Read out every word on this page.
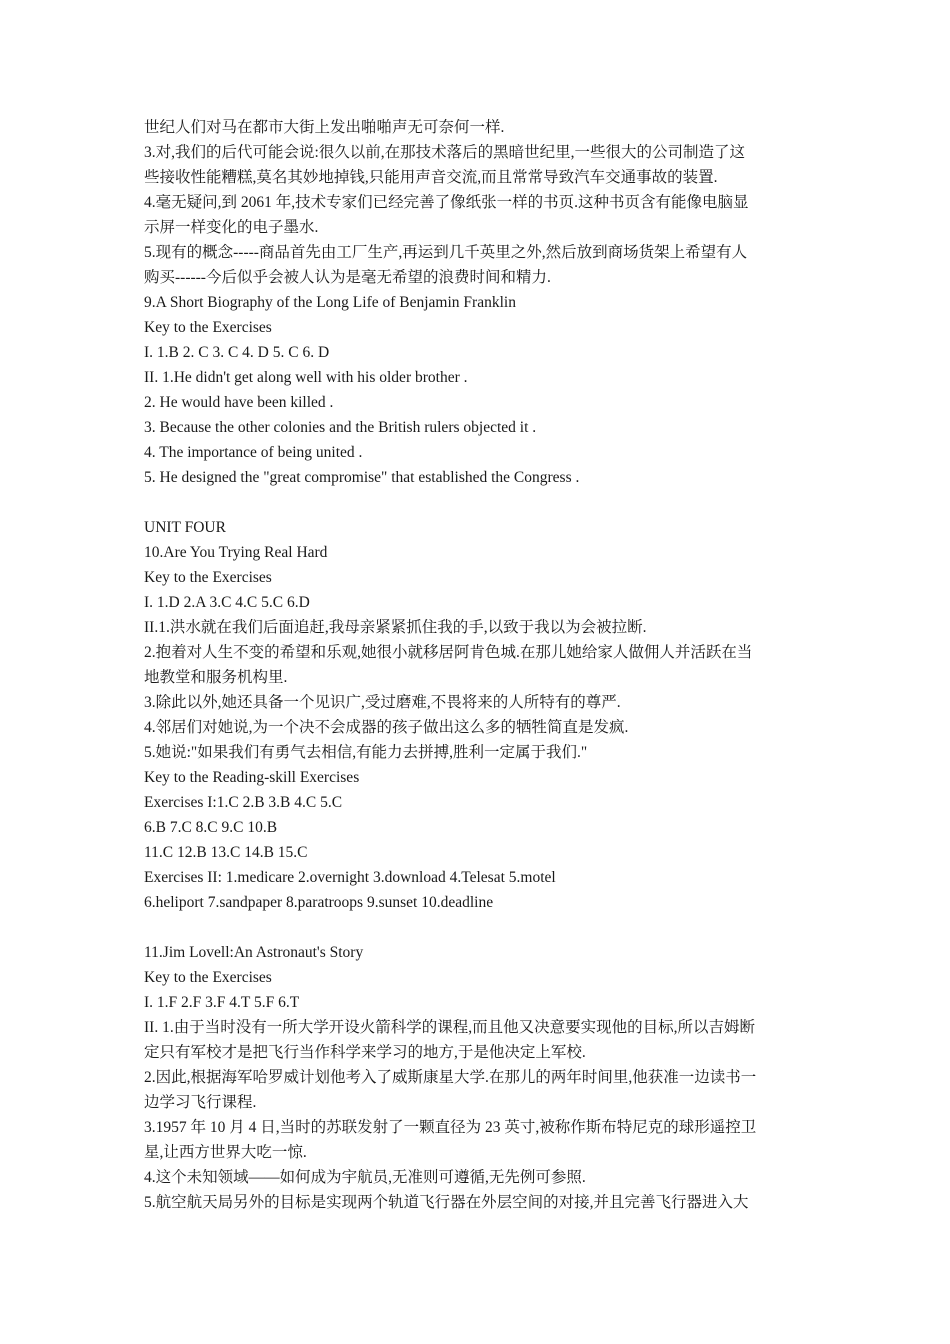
世纪人们对马在都市大街上发出啪啪声无可奈何一样.
3.对,我们的后代可能会说:很久以前,在那技术落后的黑暗世纪里,一些很大的公司制造了这
些接收性能糟糕,莫名其妙地掉钱,只能用声音交流,而且常常导致汽车交通事故的装置.
4.毫无疑问,到 2061 年,技术专家们已经完善了像纸张一样的书页.这种书页含有能像电脑显
示屏一样变化的电子墨水.
5.现有的概念-----商品首先由工厂生产,再运到几千英里之外,然后放到商场货架上希望有人
购买------今后似乎会被人认为是毫无希望的浪费时间和精力.
9.A Short Biography of the Long Life of Benjamin Franklin
Key to the Exercises
I. 1.B 2. C 3. C 4. D 5. C 6. D
II. 1.He didn't get along well with his older brother .
2. He would have been killed .
3. Because the other colonies and the British rulers objected it .
4. The importance of being united .
5. He designed the "great compromise" that established the Congress .
UNIT FOUR
10.Are You Trying Real Hard
Key to the Exercises
I. 1.D 2.A 3.C 4.C 5.C 6.D
II.1.洪水就在我们后面追赶,我母亲紧紧抓住我的手,以致于我以为会被拉断.
2.抱着对人生不变的希望和乐观,她很小就移居阿肯色城.在那儿她给家人做佣人并活跃在当
地教堂和服务机构里.
3.除此以外,她还具备一个见识广,受过磨难,不畏将来的人所特有的尊严.
4.邻居们对她说,为一个决不会成器的孩子做出这么多的牺牲简直是发疯.
5.她说:"如果我们有勇气去相信,有能力去拼搏,胜利一定属于我们."
Key to the Reading-skill Exercises
Exercises I:1.C 2.B 3.B 4.C 5.C
6.B 7.C 8.C 9.C 10.B
11.C 12.B 13.C 14.B 15.C
Exercises II: 1.medicare 2.overnight 3.download 4.Telesat 5.motel
6.heliport 7.sandpaper 8.paratroops 9.sunset 10.deadline
11.Jim Lovell:An Astronaut's Story
Key to the Exercises
I. 1.F 2.F 3.F 4.T 5.F 6.T
II. 1.由于当时没有一所大学开设火箭科学的课程,而且他又决意要实现他的目标,所以吉姆断
定只有军校才是把飞行当作科学来学习的地方,于是他决定上军校.
2.因此,根据海军哈罗威计划他考入了威斯康星大学.在那儿的两年时间里,他获准一边读书一
边学习飞行课程.
3.1957 年 10 月 4 日,当时的苏联发射了一颗直径为 23 英寸,被称作斯布特尼克的球形遥控卫
星,让西方世界大吃一惊.
4.这个未知领域——如何成为宇航员,无准则可遵循,无先例可参照.
5.航空航天局另外的目标是实现两个轨道飞行器在外层空间的对接,并且完善飞行器进入大
